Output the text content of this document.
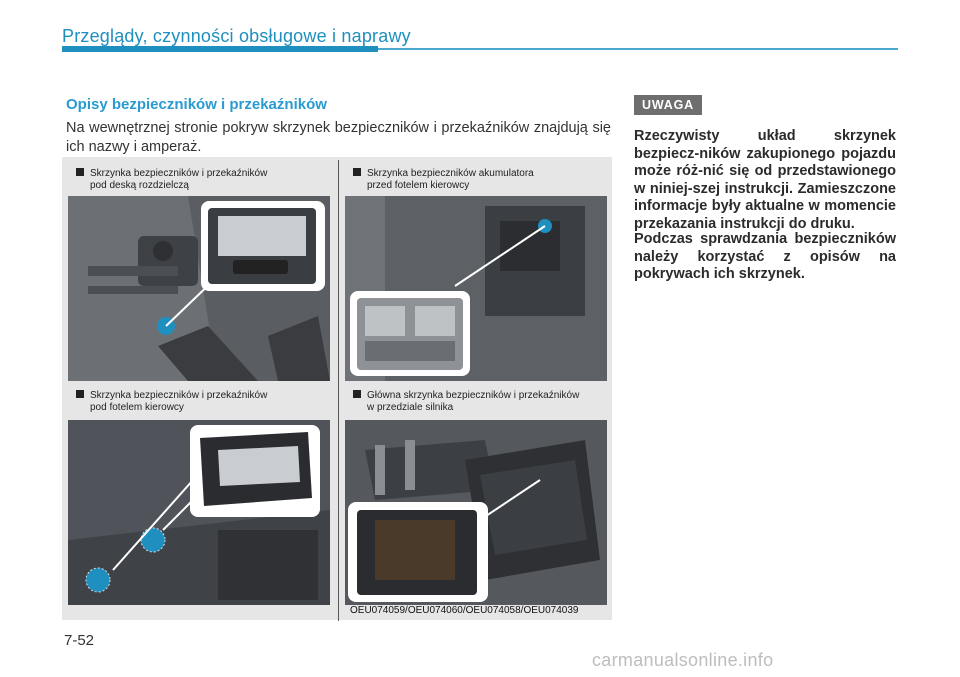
Przeglądy, czynności obsługowe i naprawy
Opisy bezpieczników i przekaźników
Na wewnętrznej stronie pokryw skrzynek bezpieczników i przekaźników znajdują się ich nazwy i amperaż.
Skrzynka bezpieczników i przekaźników
pod deską rozdzielczą
Skrzynka bezpieczników akumulatora
przed fotelem kierowcy
Skrzynka bezpieczników i przekaźników
pod fotelem kierowcy
Główna skrzynka bezpieczników i przekaźników
w przedziale silnika
OEU074059/OEU074060/OEU074058/OEU074039
UWAGA
Rzeczywisty układ skrzynek bezpiecz-ników zakupionego pojazdu może róż-nić się od przedstawionego w niniej-szej instrukcji. Zamieszczone informacje były aktualne w momencie przekazania instrukcji do druku.
Podczas sprawdzania bezpieczników należy korzystać z opisów na pokrywach ich skrzynek.
7-52
carmanualsonline.info
